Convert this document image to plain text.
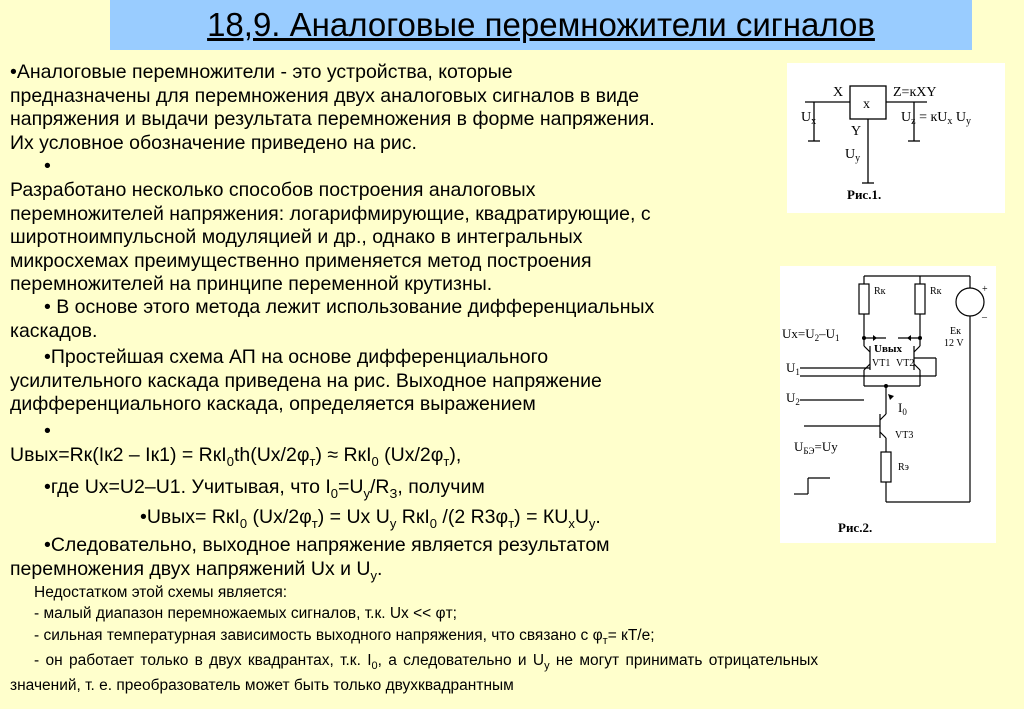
18,9. Аналоговые перемножители сигналов
•Аналоговые перемножители - это устройства, которые
предназначены для перемножения двух аналоговых сигналов в виде
напряжения и выдачи результата перемножения в форме напряжения.
Их условное обозначение приведено на рис.
•
Разработано несколько способов построения аналоговых
перемножителей напряжения: логарифмирующие, квадратирующие, с
широтноимпульсной модуляцией и др., однако в интегральных
микросхемах преимущественно применяется метод построения
перемножителей на принципе переменной крутизны.
• В основе этого метода лежит использование дифференциальных
каскадов.
•Простейшая схема АП на основе дифференциального
усилительного каскада приведена на рис. Выходное напряжение
дифференциального каскада, определяется выражением
•
Uвых=Rк(Iк2 – $Iк1) = RкI_0th(Ux/2\varphi_т) \approx RкI_0$ $(Ux/2\varphi_т)$,
•где Ux=U2–U1. Учитывая, что $I_0=U_у/R_З$, получим
•Uвых= RкI$_0$ $(Ux/2\varphi_т) = Ux$ $U_у$ RкI$_0$ /(2 $R3\varphi_т) = КU_хU_у$.
•Следовательно, выходное напряжение является результатом
перемножения двух напряжений Ux и $U_у$.
Недостатком этой схемы является:
- малый диапазон перемножаемых сигналов, т.к. Ux << φт;
- сильная температурная зависимость выходного напряжения, что связано с $\varphi_т= кТ/е$;
- он работает только в двух квадрантах, т.к. $I_0$, а следовательно и $U_у$ не могут принимать отрицательных
значений, т. е. преобразователь может быть только двухквадрантным
X	Z=кXY
x
$U_x$
Y
$U_z = кU_x$ $U_y$
$U_y$
Рис.1.
Rк	Rк	+
–
Eк
12 V
VT1 VT2
VT3
Rэ
$Ux=U_2-U_1$
Uвых
$U_1$
$U_2$	$I_0$
$U_{БЭ}=Uy$
Рис.2.
